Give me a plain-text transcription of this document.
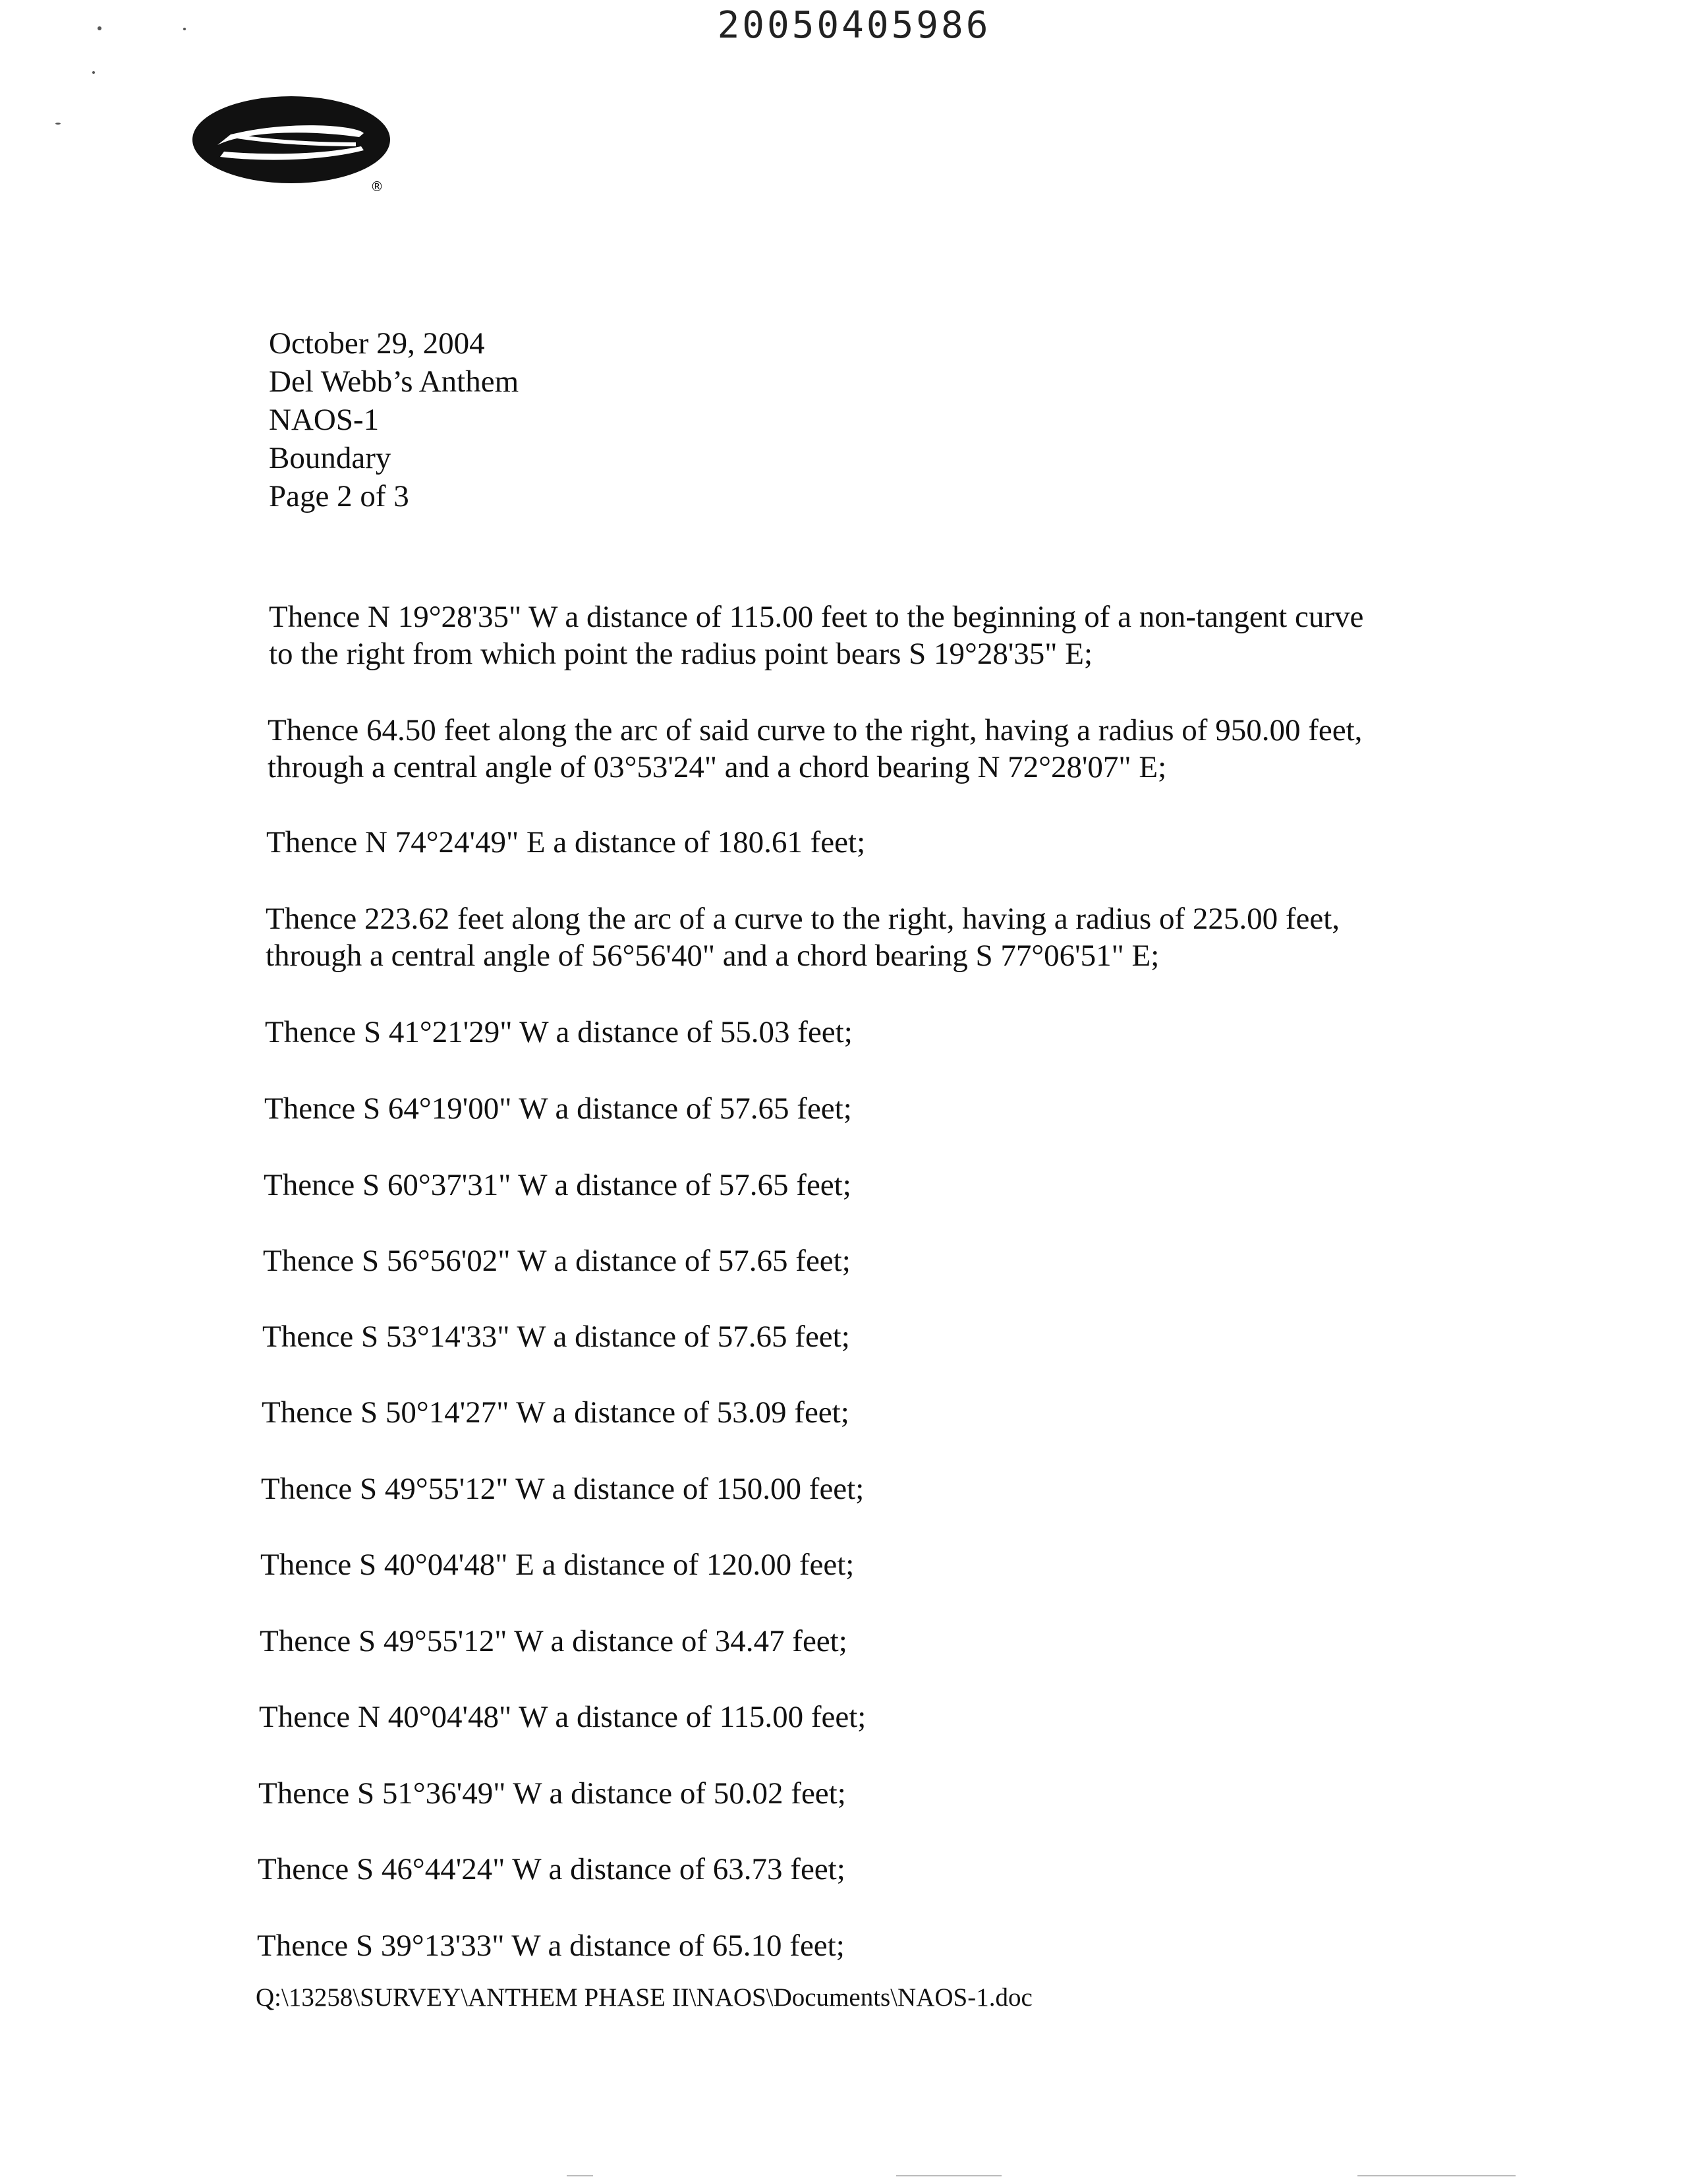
20050405986
®
October 29, 2004
Del Webb’s Anthem
NAOS-1
Boundary
Page 2 of 3
Thence N 19°28'35" W a distance of 115.00 feet to the beginning of a non-tangent curve
to the right from which point the radius point bears S 19°28'35" E;
Thence 64.50 feet along the arc of said curve to the right, having a radius of 950.00 feet,
through a central angle of 03°53'24" and a chord bearing N 72°28'07" E;
Thence N 74°24'49" E a distance of 180.61 feet;
Thence 223.62 feet along the arc of a curve to the right, having a radius of 225.00 feet,
through a central angle of 56°56'40" and a chord bearing S 77°06'51" E;
Thence S 41°21'29" W a distance of 55.03 feet;
Thence S 64°19'00" W a distance of 57.65 feet;
Thence S 60°37'31" W a distance of 57.65 feet;
Thence S 56°56'02" W a distance of 57.65 feet;
Thence S 53°14'33" W a distance of 57.65 feet;
Thence S 50°14'27" W a distance of 53.09 feet;
Thence S 49°55'12" W a distance of 150.00 feet;
Thence S 40°04'48" E a distance of 120.00 feet;
Thence S 49°55'12" W a distance of 34.47 feet;
Thence N 40°04'48" W a distance of 115.00 feet;
Thence S 51°36'49" W a distance of 50.02 feet;
Thence S 46°44'24" W a distance of 63.73 feet;
Thence S 39°13'33" W a distance of 65.10 feet;
Q:\13258\SURVEY\ANTHEM PHASE II\NAOS\Documents\NAOS-1.doc
